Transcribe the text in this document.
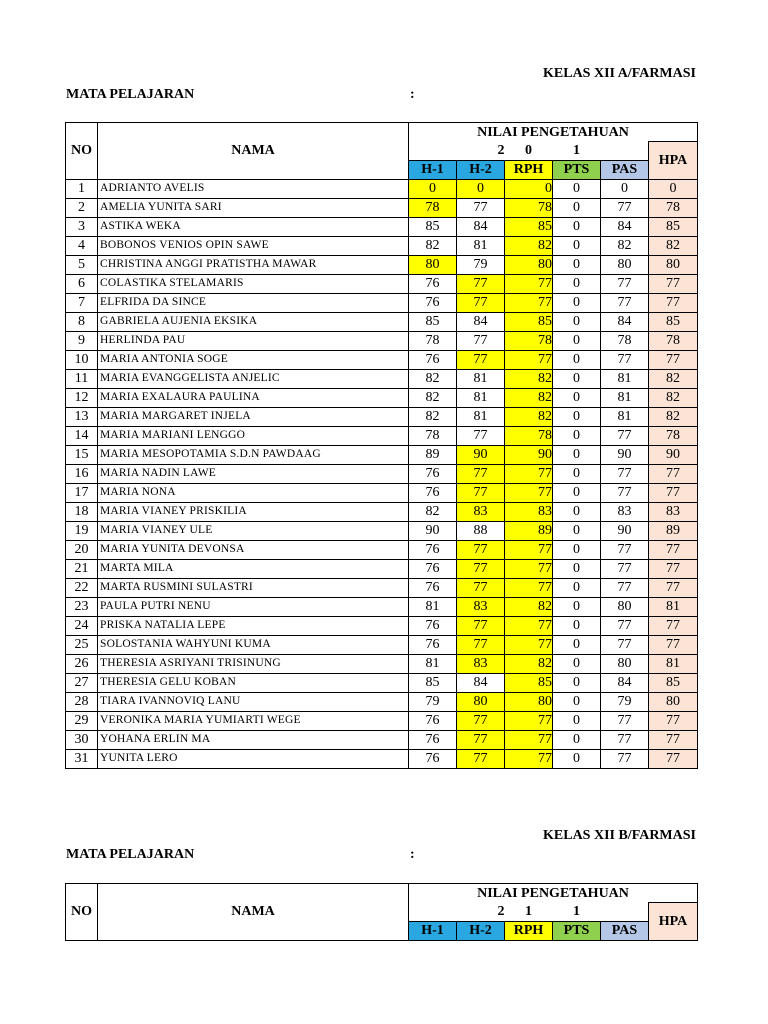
KELAS XII A/FARMASI
MATA PELAJARAN	:
NO	NAMA	NILAI PENGETAHUAN					
			2	0	1		HPA
		H-1	H-2	RPH	PTS	PAS	
1	ADRIANTO AVELIS	0	0	0	0	0	0
2	AMELIA YUNITA SARI	78	77	78	0	77	78
3	ASTIKA WEKA	85	84	85	0	84	85
4	BOBONOS VENIOS OPIN SAWE	82	81	82	0	82	82
5	CHRISTINA ANGGI PRATISTHA MAWAR	80	79	80	0	80	80
6	COLASTIKA STELAMARIS	76	77	77	0	77	77
7	ELFRIDA DA SINCE	76	77	77	0	77	77
8	GABRIELA AUJENIA EKSIKA	85	84	85	0	84	85
9	HERLINDA PAU	78	77	78	0	78	78
10	MARIA ANTONIA SOGE	76	77	77	0	77	77
11	MARIA EVANGGELISTA ANJELIC	82	81	82	0	81	82
12	MARIA EXALAURA PAULINA	82	81	82	0	81	82
13	MARIA MARGARET INJELA	82	81	82	0	81	82
14	MARIA MARIANI LENGGO	78	77	78	0	77	78
15	MARIA MESOPOTAMIA S.D.N PAWDAAG	89	90	90	0	90	90
16	MARIA NADIN LAWE	76	77	77	0	77	77
17	MARIA NONA	76	77	77	0	77	77
18	MARIA VIANEY PRISKILIA	82	83	83	0	83	83
19	MARIA VIANEY ULE	90	88	89	0	90	89
20	MARIA YUNITA DEVONSA	76	77	77	0	77	77
21	MARTA MILA	76	77	77	0	77	77
22	MARTA RUSMINI SULASTRI	76	77	77	0	77	77
23	PAULA PUTRI NENU	81	83	82	0	80	81
24	PRISKA NATALIA LEPE	76	77	77	0	77	77
25	SOLOSTANIA WAHYUNI KUMA	76	77	77	0	77	77
26	THERESIA ASRIYANI TRISINUNG	81	83	82	0	80	81
27	THERESIA GELU KOBAN	85	84	85	0	84	85
28	TIARA IVANNOVIQ LANU	79	80	80	0	79	80
29	VERONIKA MARIA YUMIARTI WEGE	76	77	77	0	77	77
30	YOHANA ERLIN MA	76	77	77	0	77	77
31	YUNITA LERO	76	77	77	0	77	77
KELAS XII B/FARMASI
MATA PELAJARAN	:
NO	NAMA	NILAI PENGETAHUAN					
			2	1	1		HPA
		H-1	H-2	RPH	PTS	PAS	
